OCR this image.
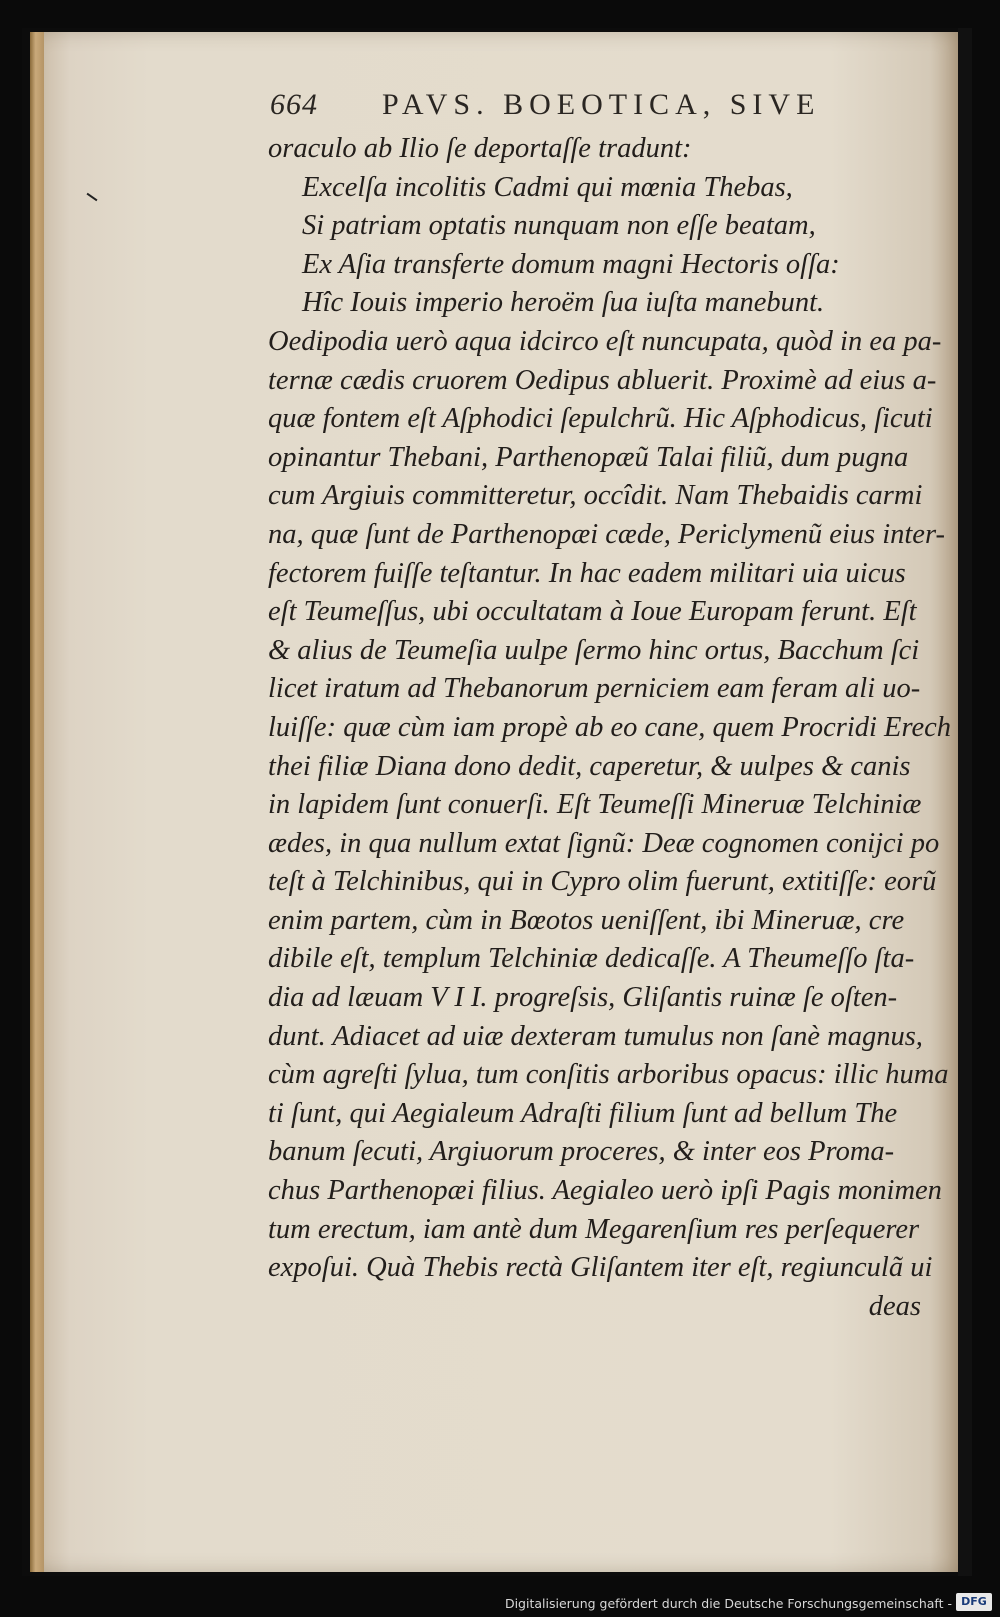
664 PAVS. BOEOTICA, SIVE
oraculo ab Ilio ſe deportaſſe tradunt:
Excelſa incolitis Cadmi qui mœnia Thebas,
Si patriam optatis nunquam non eſſe beatam,
Ex Aſia transferte domum magni Hectoris oſſa:
Hîc Iouis imperio heroëm ſua iuſta manebunt.
Oedipodia uerò aqua idcirco eſt nuncupata, quòd in ea pa-
ternæ cædis cruorem Oedipus abluerit. Proximè ad eius a-
quæ fontem eſt Aſphodici ſepulchrũ. Hic Aſphodicus, ſicuti
opinantur Thebani, Parthenopæũ Talai filiũ, dum pugna
cum Argiuis committeretur, occîdit. Nam Thebaidis carmi
na, quæ ſunt de Parthenopæi cæde, Periclymenũ eius inter-
fectorem fuiſſe teſtantur. In hac eadem militari uia uicus
eſt Teumeſſus, ubi occultatam à Ioue Europam ferunt. Eſt
& alius de Teumeſia uulpe ſermo hinc ortus, Bacchum ſci
licet iratum ad Thebanorum perniciem eam feram ali uo-
luiſſe: quæ cùm iam propè ab eo cane, quem Procridi Erech
thei filiæ Diana dono dedit, caperetur, & uulpes & canis
in lapidem ſunt conuerſi. Eſt Teumeſſi Mineruæ Telchiniæ
ædes, in qua nullum extat ſignũ: Deæ cognomen conijci po
teſt à Telchinibus, qui in Cypro olim fuerunt, extitiſſe: eorũ
enim partem, cùm in Bœotos ueniſſent, ibi Mineruæ, cre
dibile eſt, templum Telchiniæ dedicaſſe. A Theumeſſo ſta-
dia ad læuam V I I. progreſsis, Gliſantis ruinæ ſe oſten-
dunt. Adiacet ad uiæ dexteram tumulus non ſanè magnus,
cùm agreſti ſylua, tum conſitis arboribus opacus: illic huma
ti ſunt, qui Aegialeum Adraſti filium ſunt ad bellum The
banum ſecuti, Argiuorum proceres, & inter eos Proma-
chus Parthenopæi filius. Aegialeo uerò ipſi Pagis monimen
tum erectum, iam antè dum Megarenſium res perſequerer
expoſui. Quà Thebis rectà Gliſantem iter eſt, regiunculã ui
deas
Digitalisierung gefördert durch die Deutsche Forschungsgemeinschaft - DFG
